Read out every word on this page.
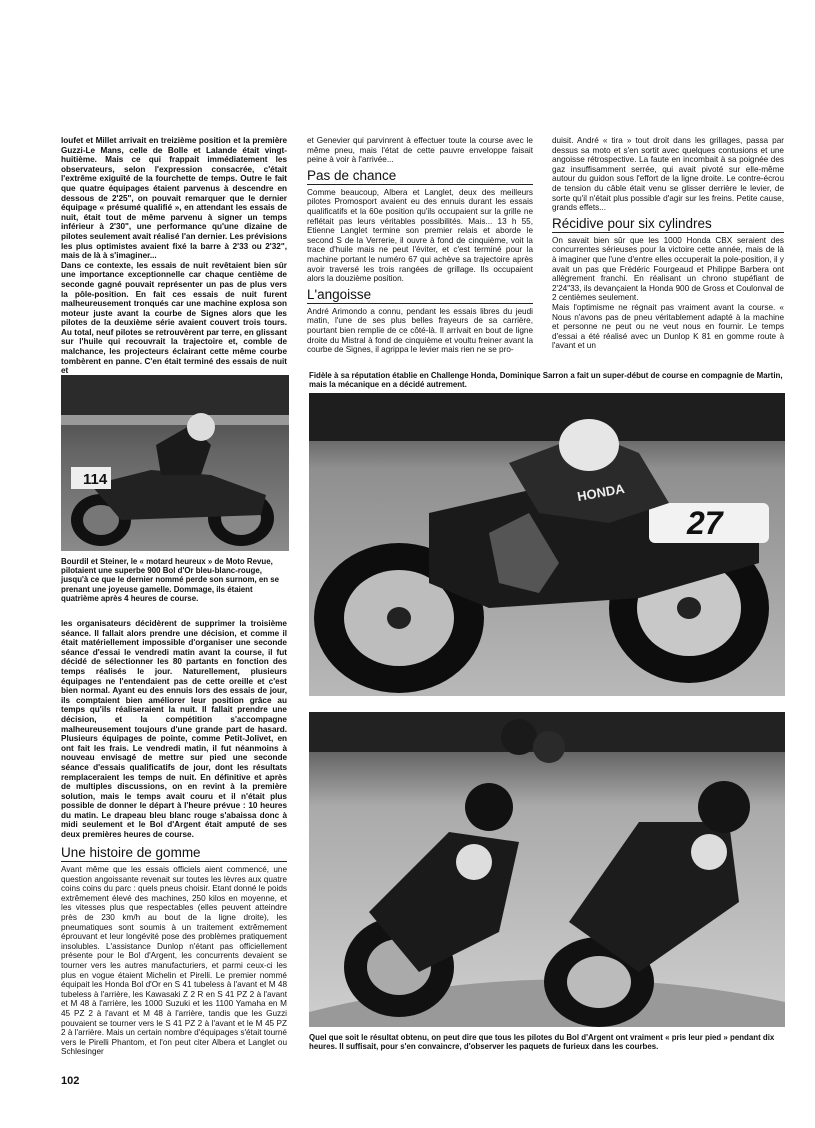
loufet et Millet arrivait en treizième position et la première Guzzi-Le Mans, celle de Bolle et Lalande était vingt-huitième. Mais ce qui frappait immédiatement les observateurs, selon l'expression consacrée, c'était l'extrême exiguïté de la fourchette de temps. Outre le fait que quatre équipages étaient parvenus à descendre en dessous de 2'25", on pouvait remarquer que le dernier équipage « présumé qualifié », en attendant les essais de nuit, était tout de même parvenu à signer un temps inférieur à 2'30", une performance qu'une dizaine de pilotes seulement avait réalisé l'an dernier. Les prévisions les plus optimistes avaient fixé la barre à 2'33 ou 2'32", mais de là à s'imaginer...

Dans ce contexte, les essais de nuit revêtaient bien sûr une importance exceptionnelle car chaque centième de seconde gagné pouvait représenter un pas de plus vers la pôle-position. En fait ces essais de nuit furent malheureusement tronqués car une machine explosa son moteur juste avant la courbe de Signes alors que les pilotes de la deuxième série avaient couvert trois tours. Au total, neuf pilotes se retrouvèrent par terre, en glissant sur l'huile qui recouvrait la trajectoire et, comble de malchance, les projecteurs éclairant cette même courbe tombèrent en panne. C'en était terminé des essais de nuit et

114
Bourdil et Steiner, le « motard heureux » de Moto Revue, pilotaient une superbe 900 Bol d'Or bleu-blanc-rouge, jusqu'à ce que le dernier nommé perde son surnom, en se prenant une joyeuse gamelle. Dommage, ils étaient quatrième après 4 heures de course.

les organisateurs décidèrent de supprimer la troisième séance. Il fallait alors prendre une décision, et comme il était matériellement impossible d'organiser une seconde séance d'essai le vendredi matin avant la course, il fut décidé de sélectionner les 80 partants en fonction des temps réalisés le jour. Naturellement, plusieurs équipages ne l'entendaient pas de cette oreille et c'est bien normal. Ayant eu des ennuis lors des essais de jour, ils comptaient bien améliorer leur position grâce au temps qu'ils réaliseraient la nuit. Il fallait prendre une décision, et la compétition s'accompagne malheureusement toujours d'une grande part de hasard. Plusieurs équipages de pointe, comme Petit-Jolivet, en ont fait les frais. Le vendredi matin, il fut néanmoins à nouveau envisagé de mettre sur pied une seconde séance d'essais qualificatifs de jour, dont les résultats remplaceraient les temps de nuit. En définitive et après de multiples discussions, on en revint à la première solution, mais le temps avait couru et il n'était plus possible de donner le départ à l'heure prévue : 10 heures du matin. Le drapeau bleu blanc rouge s'abaissa donc à midi seulement et le Bol d'Argent était amputé de ses deux premières heures de course.

Une histoire de gomme

Avant même que les essais officiels aient commencé, une question angoissante revenait sur toutes les lèvres aux quatre coins coins du parc : quels pneus choisir. Etant donné le poids extrêmement élevé des machines, 250 kilos en moyenne, et les vitesses plus que respectables (elles peuvent atteindre près de 230 km/h au bout de la ligne droite), les pneumatiques sont soumis à un traitement extrêmement éprouvant et leur longévité pose des problèmes pratiquement insolubles. L'assistance Dunlop n'étant pas officiellement présente pour le Bol d'Argent, les concurrents devaient se tourner vers les autres manufacturiers, et parmi ceux-ci les plus en vogue étaient Michelin et Pirelli. Le premier nommé équipait les Honda Bol d'Or en S 41 tubeless à l'avant et M 48 tubeless à l'arrière, les Kawasaki Z 2 R en S 41 PZ 2 à l'avant et M 48 à l'arrière, les 1000 Suzuki et les 1100 Yamaha en M 45 PZ 2 à l'avant et M 48 à l'arrière, tandis que les Guzzi pouvaient se tourner vers le S 41 PZ 2 à l'avant et le M 45 PZ 2 à l'arrière. Mais un certain nombre d'équipages s'était tourné vers le Pirelli Phantom, et l'on peut citer Albera et Langlet ou Schlesinger

et Genevier qui parvinrent à effectuer toute la course avec le même pneu, mais l'état de cette pauvre enveloppe faisait peine à voir à l'arrivée...

Pas de chance

Comme beaucoup, Albera et Langlet, deux des meilleurs pilotes Promosport avaient eu des ennuis durant les essais qualificatifs et la 60e position qu'ils occupaient sur la grille ne reflétait pas leurs véritables possibilités. Mais... 13 h 55, Etienne Langlet termine son premier relais et aborde le second S de la Verrerie, il ouvre à fond de cinquième, voit la trace d'huile mais ne peut l'éviter, et c'est terminé pour la machine portant le numéro 67 qui achève sa trajectoire après avoir traversé les trois rangées de grillage. Ils occupaient alors la douzième position.

L'angoisse

André Arimondo a connu, pendant les essais libres du jeudi matin, l'une de ses plus belles frayeurs de sa carrière, pourtant bien remplie de ce côté-là. Il arrivait en bout de ligne droite du Mistral à fond de cinquième et voultu freiner avant la courbe de Signes, il agrippa le levier mais rien ne se pro-

duisit. André « tira » tout droit dans les grillages, passa par dessus sa moto et s'en sortit avec quelques contusions et une angoisse rétrospective. La faute en incombait à sa poignée des gaz insuffisamment serrée, qui avait pivoté sur elle-même autour du guidon sous l'effort de la ligne droite. Le contre-écrou de tension du câble était venu se glisser derrière le levier, de sorte qu'il n'était plus possible d'agir sur les freins. Petite cause, grands effets...

Récidive pour six cylindres

On savait bien sûr que les 1000 Honda CBX seraient des concurrentes sérieuses pour la victoire cette année, mais de là à imaginer que l'une d'entre elles occuperait la pole-position, il y avait un pas que Frédéric Fourgeaud et Philippe Barbera ont allègrement franchi. En réalisant un chrono stupéfiant de 2'24"33, ils devançaient la Honda 900 de Gross et Coulonval de 2 centièmes seulement.

Mais l'optimisme ne régnait pas vraiment avant la course. « Nous n'avons pas de pneu véritablement adapté à la machine et personne ne peut ou ne veut nous en fournir. Le temps d'essai a été réalisé avec un Dunlop K 81 en gomme route à l'avant et un

Fidèle à sa réputation établie en Challenge Honda, Dominique Sarron a fait un super-début de course en compagnie de Martin, mais la mécanique en a décidé autrement.
27
HONDA
Quel que soit le résultat obtenu, on peut dire que tous les pilotes du Bol d'Argent ont vraiment « pris leur pied » pendant dix heures. Il suffisait, pour s'en convaincre, d'observer les paquets de furieux dans les courbes.
102
